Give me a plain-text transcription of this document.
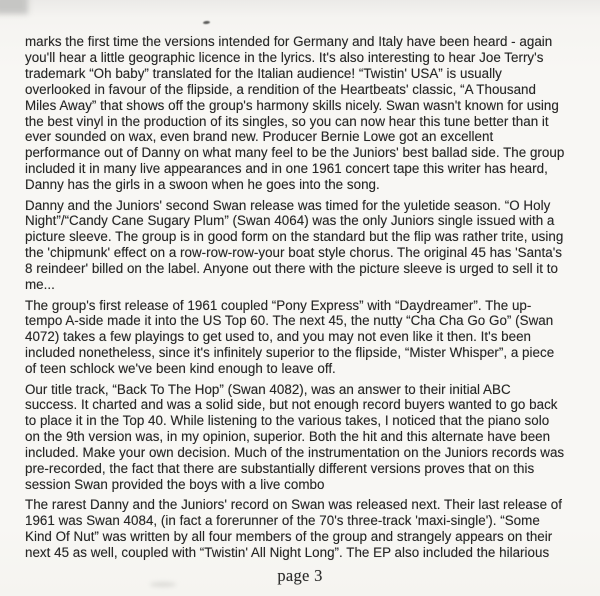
marks the first time the versions intended for Germany and Italy have been heard - again
you'll hear a little geographic licence in the lyrics. It's also interesting to hear Joe Terry's
trademark “Oh baby” translated for the Italian audience! “Twistin' USA” is usually
overlooked in favour of the flipside, a rendition of the Heartbeats' classic, “A Thousand
Miles Away” that shows off the group's harmony skills nicely. Swan wasn't known for using
the best vinyl in the production of its singles, so you can now hear this tune better than it
ever sounded on wax, even brand new. Producer Bernie Lowe got an excellent
performance out of Danny on what many feel to be the Juniors' best ballad side. The group
included it in many live appearances and in one 1961 concert tape this writer has heard,
Danny has the girls in a swoon when he goes into the song.
Danny and the Juniors' second Swan release was timed for the yuletide season. “O Holy
Night”/“Candy Cane Sugary Plum” (Swan 4064) was the only Juniors single issued with a
picture sleeve. The group is in good form on the standard but the flip was rather trite, using
the 'chipmunk' effect on a row-row-row-your boat style chorus. The original 45 has 'Santa's
8 reindeer' billed on the label. Anyone out there with the picture sleeve is urged to sell it to
me...
The group's first release of 1961 coupled “Pony Express” with “Daydreamer”. The up-
tempo A-side made it into the US Top 60. The next 45, the nutty “Cha Cha Go Go” (Swan
4072) takes a few playings to get used to, and you may not even like it then. It's been
included nonetheless, since it's infinitely superior to the flipside, “Mister Whisper”, a piece
of teen schlock we've been kind enough to leave off.
Our title track, “Back To The Hop” (Swan 4082), was an answer to their initial ABC
success. It charted and was a solid side, but not enough record buyers wanted to go back
to place it in the Top 40. While listening to the various takes, I noticed that the piano solo
on the 9th version was, in my opinion, superior. Both the hit and this alternate have been
included. Make your own decision. Much of the instrumentation on the Juniors records was
pre-recorded, the fact that there are substantially different versions proves that on this
session Swan provided the boys with a live combo
The rarest Danny and the Juniors' record on Swan was released next. Their last release of
1961 was Swan 4084, (in fact a forerunner of the 70's three-track 'maxi-single'). “Some
Kind Of Nut” was written by all four members of the group and strangely appears on their
next 45 as well, coupled with “Twistin' All Night Long”. The EP also included the hilarious
page 3
